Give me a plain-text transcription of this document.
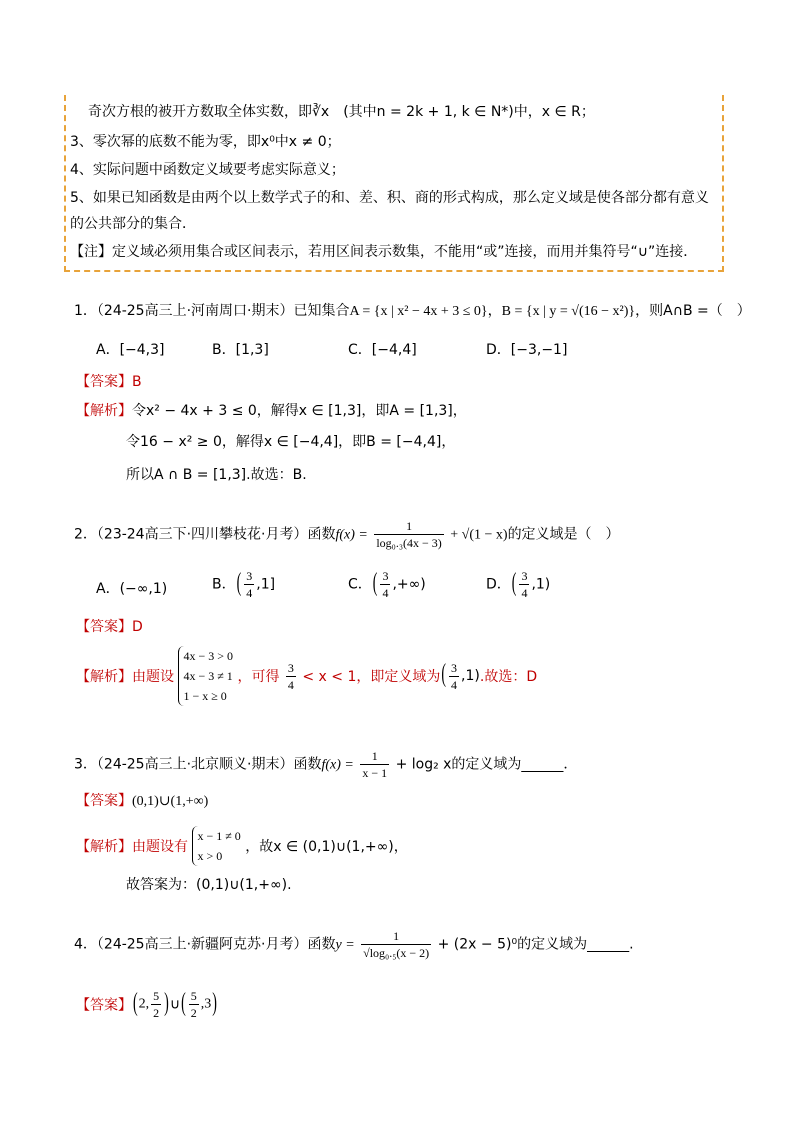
奇次方根的被开方数取全体实数，即∛x　(其中n = 2k + 1, k ∈ N*)中，x ∈ R；
3、零次幂的底数不能为零，即x⁰中x ≠ 0；
4、实际问题中函数定义域要考虑实际意义；
5、如果已知函数是由两个以上数学式子的和、差、积、商的形式构成，那么定义域是使各部分都有意义
的公共部分的集合．
【注】定义域必须用集合或区间表示，若用区间表示数集，不能用“或”连接，而用并集符号“∪”连接．
1．（24-25高三上·河南周口·期末）已知集合A = {x | x² − 4x + 3 ≤ 0}，B = {x | y = √(16 − x²)}，则A∩B =（　）
A．[−4,3]	B．[1,3]	C．[−4,4]	D．[−3,−1]
【答案】B
【解析】令x² − 4x + 3 ≤ 0，解得x ∈ [1,3]，即A = [1,3]，
令16 − x² ≥ 0，解得x ∈ [−4,4]，即B = [−4,4]，
所以A ∩ B = [1,3].故选：B.
2．（23-24高三下·四川攀枝花·月考）函数$f(x) = \frac{1}{\text{log₀.₃(4x − 3)}} + √(1 - x)$的定义域是（　）
A．(−∞,1)	B．( $\frac{3}{4} ,1$]	C．( $\frac{3}{4}$ ,+∞)	D．( $\frac{3}{4} ,1$)
【答案】D
【解析】由题设
4x − 3 > 0
4x − 3 ≠ 1
1 − x ≥ 0
，可得 $\frac{3}{4} < x < 1$，即定义域为( $\frac{3}{4} ,1$).故选：D
3．（24-25高三上·北京顺义·期末）函数$f(x) = \frac{1}{x - 1} + \log_2$ x的定义域为______．
【答案】(0,1)∪(1,+∞)
【解析】由题设有
x − 1 ≠ 0
x > 0
，故x ∈ (0,1)∪(1,+∞)，
故答案为：(0,1)∪(1,+∞).
4．（24-25高三上·新疆阿克苏·月考）函数$y = \frac{1}{\text{√log₀.₅(x − 2)}} + (2x - 5)^0$的定义域为______.
【答案】(2, $\frac{5}{2}$ )∪( $\frac{5}{2} ,3$)
